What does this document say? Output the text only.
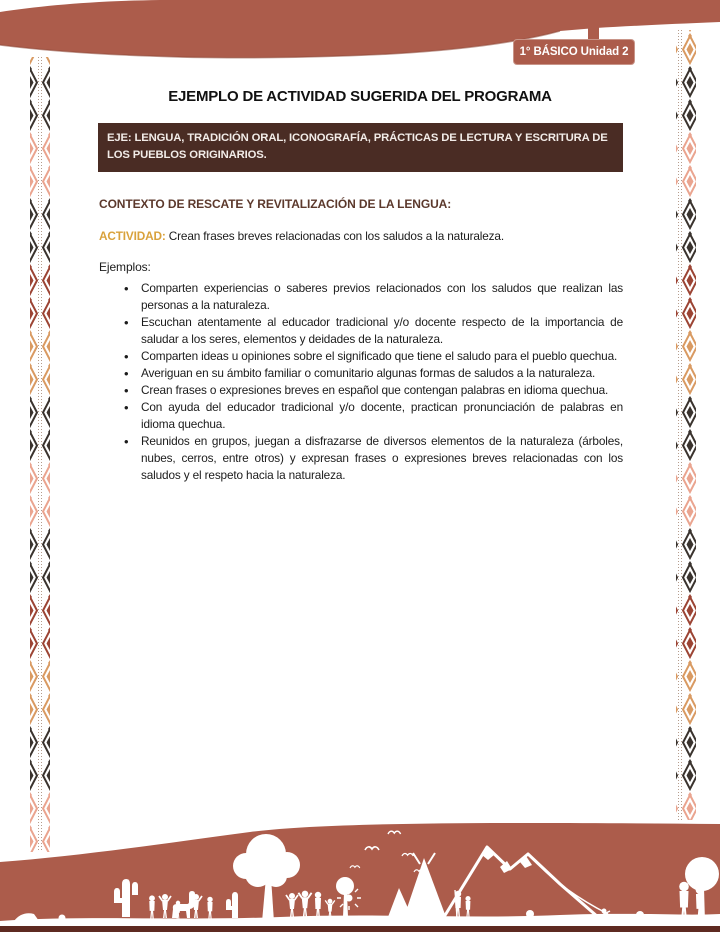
1° BÁSICO Unidad 2
EJEMPLO DE ACTIVIDAD SUGERIDA DEL PROGRAMA
EJE: LENGUA, TRADICIÓN ORAL, ICONOGRAFÍA, PRÁCTICAS DE LECTURA Y ESCRITURA DE LOS PUEBLOS ORIGINARIOS.
CONTEXTO DE RESCATE Y REVITALIZACIÓN DE LA LENGUA:

ACTIVIDAD: Crean frases breves relacionadas con los saludos a la naturaleza.

Ejemplos:
• Comparten experiencias o saberes previos relacionados con los saludos que realizan las personas a la naturaleza.
• Escuchan atentamente al educador tradicional y/o docente respecto de la importancia de saludar a los seres, elementos y deidades de la naturaleza.
• Comparten ideas u opiniones sobre el significado que tiene el saludo para el pueblo quechua.
• Averiguan en su ámbito familiar o comunitario algunas formas de saludos a la naturaleza.
• Crean frases o expresiones breves en español que contengan palabras en idioma quechua.
• Con ayuda del educador tradicional y/o docente, practican pronunciación de palabras en idioma quechua.
• Reunidos en grupos, juegan a disfrazarse de diversos elementos de la naturaleza (árboles, nubes, cerros, entre otros) y expresan frases o expresiones breves relacionadas con los saludos y el respeto hacia la naturaleza.
